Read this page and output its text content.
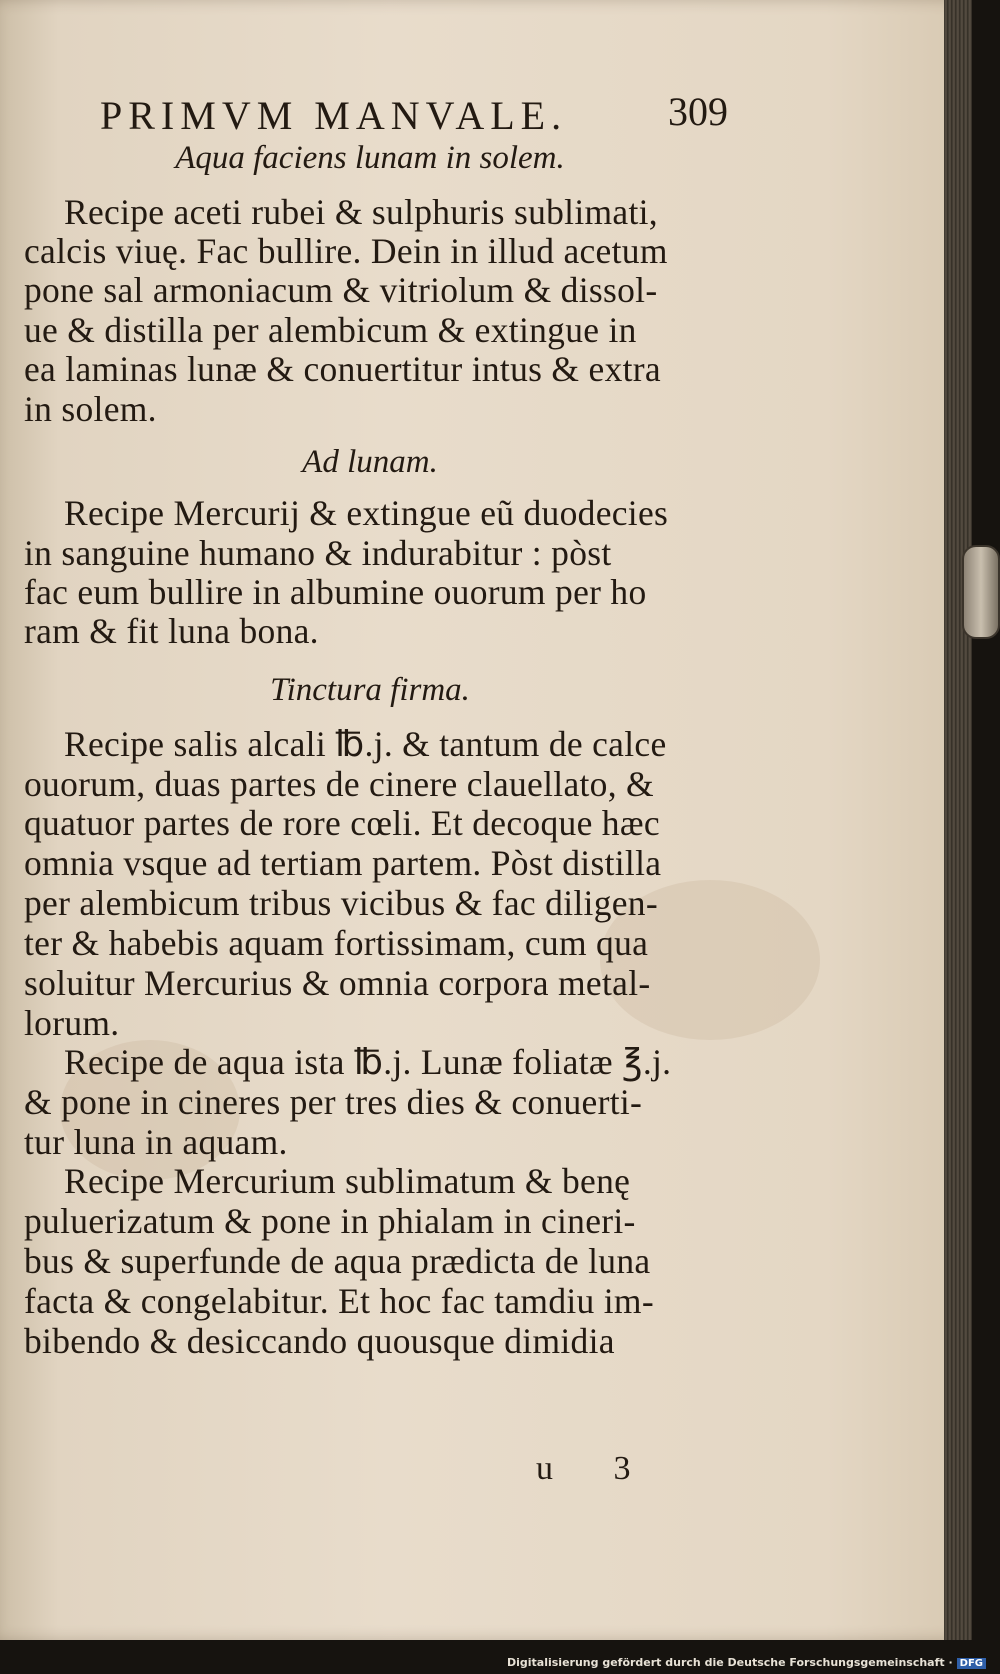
PRIMVM MANVALE.	309
Aqua faciens lunam in solem.
Recipe aceti rubei & sulphuris sublimati,
calcis viuę. Fac bullire. Dein in illud acetum
pone sal armoniacum & vitriolum & dissol-
ue & distilla per alembicum & extingue in
ea laminas lunæ & conuertitur intus & extra
in solem.
Ad lunam.
Recipe Mercurij & extingue eũ duodecies
in sanguine humano & indurabitur : pòst
fac eum bullire in albumine ouorum per ho
ram & fit luna bona.
Tinctura firma.
Recipe salis alcali ℔.j. & tantum de calce
ouorum, duas partes de cinere clauellato, &
quatuor partes de rore cœli. Et decoque hæc
omnia vsque ad tertiam partem. Pòst distilla
per alembicum tribus vicibus & fac diligen-
ter & habebis aquam fortissimam, cum qua
soluitur Mercurius & omnia corpora metal-
lorum.
Recipe de aqua ista ℔.j. Lunæ foliatæ ℥.j.
& pone in cineres per tres dies & conuerti-
tur luna in aquam.
Recipe Mercurium sublimatum & benę
puluerizatum & pone in phialam in cineri-
bus & superfunde de aqua prædicta de luna
facta & congelabitur. Et hoc fac tamdiu im-
bibendo & desiccando quousque dimidia
u 3
Digitalisierung gefördert durch die Deutsche Forschungsgemeinschaft · DFG
